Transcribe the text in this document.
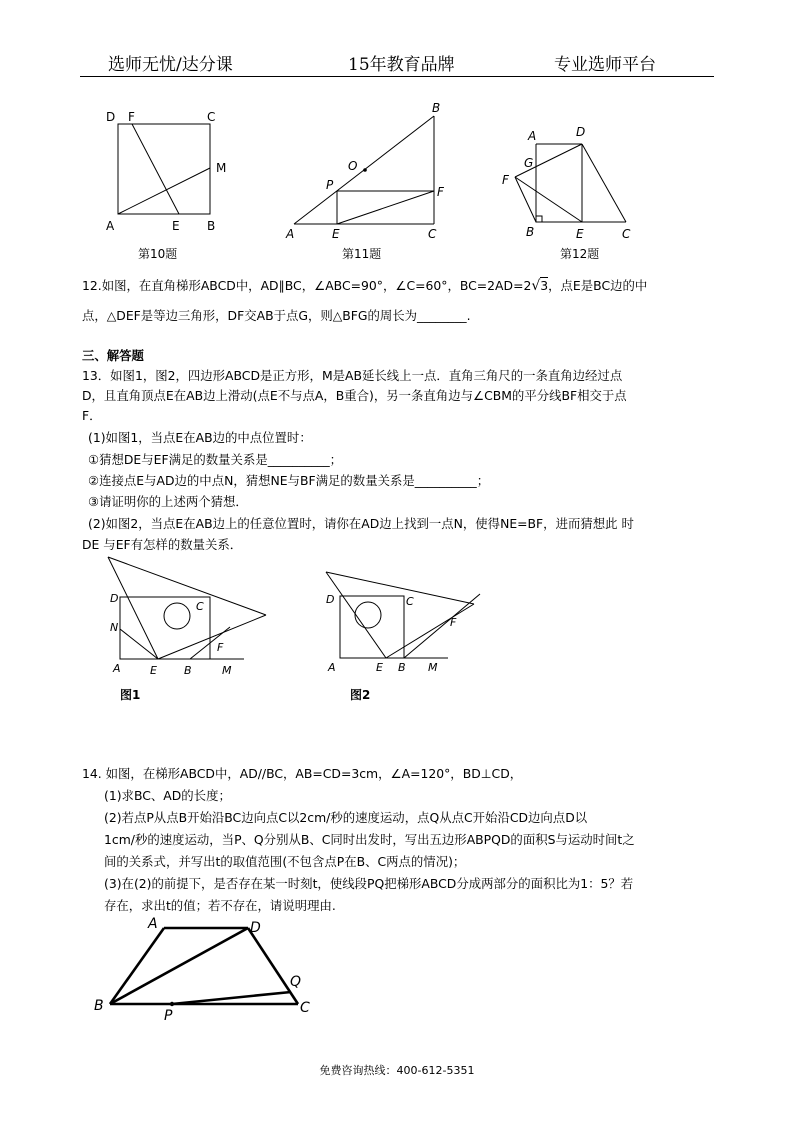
选师无忧/达分课	15年教育品牌	专业选师平台
D F	C
M
A	E B
第10题
B
O
P	F
A	E	C
第11题
A	D
G
F
B	E	C
第12题
12.如图，在直角梯形ABCD中，AD∥BC，∠ABC=90°，∠C=60°，BC=2AD=2√3，点E是BC边的中
点，△DEF是等边三角形，DF交AB于点G，则△BFG的周长为________.
三、解答题
13．如图1，图2，四边形ABCD是正方形，M是AB延长线上一点．直角三角尺的一条直角边经过点
D，且直角顶点E在AB边上滑动(点E不与点A，B重合)，另一条直角边与∠CBM的平分线BF相交于点
F．
(1)如图1，当点E在AB边的中点位置时：
①猜想DE与EF满足的数量关系是__________；
②连接点E与AD边的中点N，猜想NE与BF满足的数量关系是__________；
③请证明你的上述两个猜想．
(2)如图2，当点E在AB边上的任意位置时，请你在AD边上找到一点N，使得NE=BF，进而猜想此 时
DE 与EF有怎样的数量关系．
D
C
N
F
A	E B	M
图1
D	C
F
A	E B M
图2
14. 如图，在梯形ABCD中，AD//BC，AB=CD=3cm，∠A=120°，BD⊥CD，
(1)求BC、AD的长度；
(2)若点P从点B开始沿BC边向点C以2cm/秒的速度运动，点Q从点C开始沿CD边向点D以
1cm/秒的速度运动，当P、Q分别从B、C同时出发时，写出五边形ABPQD的面积S与运动时间t之
间的关系式，并写出t的取值范围(不包含点P在B、C两点的情况)；
(3)在(2)的前提下，是否存在某一时刻t，使线段PQ把梯形ABCD分成两部分的面积比为1：5？若
存在，求出t的值；若不存在，请说明理由.
A	D
Q
B
P	C
免费咨询热线：400-612-5351
